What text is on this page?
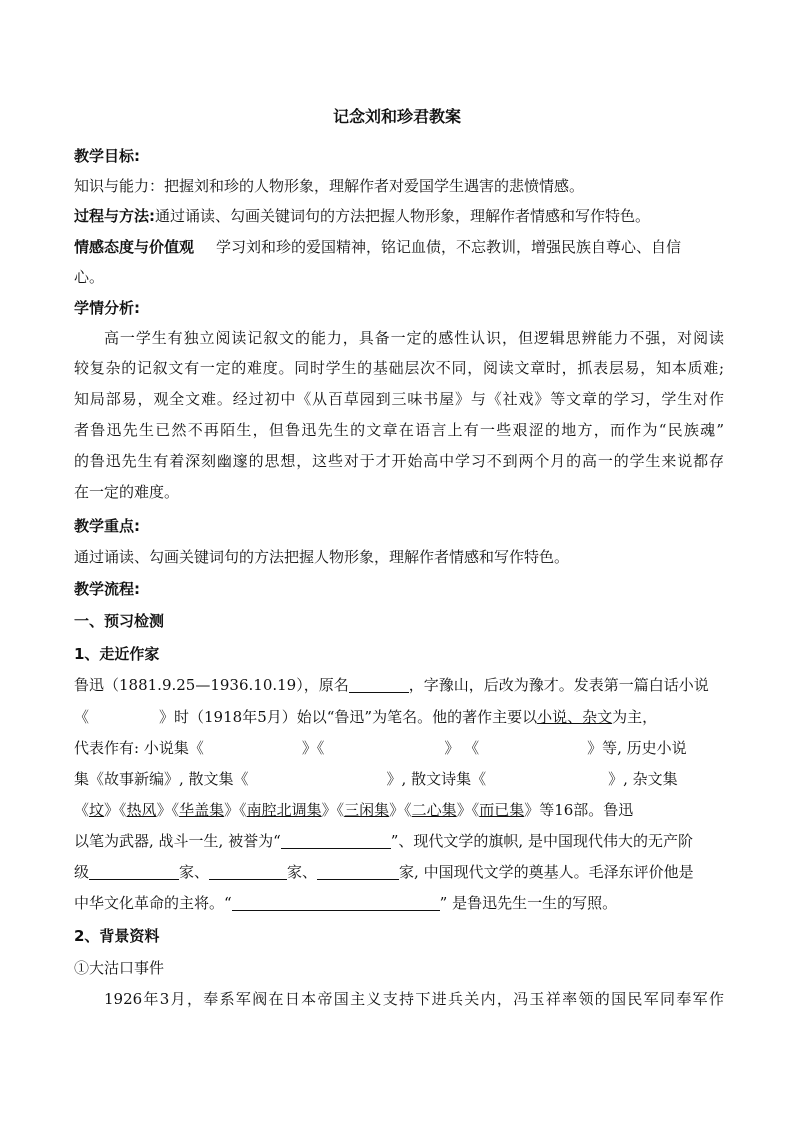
记念刘和珍君教案
教学目标:
知识与能力：把握刘和珍的人物形象，理解作者对爱国学生遇害的悲愤情感。
过程与方法:通过诵读、勾画关键词句的方法把握人物形象，理解作者情感和写作特色。
情感态度与价值观 学习刘和珍的爱国精神，铭记血债，不忘教训，增强民族自尊心、自信
心。
学情分析:
高一学生有独立阅读记叙文的能力，具备一定的感性认识，但逻辑思辨能力不强，对阅读
较复杂的记叙文有一定的难度。同时学生的基础层次不同，阅读文章时，抓表层易，知本质难;
知局部易，观全文难。经过初中《从百草园到三味书屋》与《社戏》等文章的学习，学生对作
者鲁迅先生已然不再陌生，但鲁迅先生的文章在语言上有一些艰涩的地方，而作为“民族魂”
的鲁迅先生有着深刻幽邃的思想，这些对于才开始高中学习不到两个月的高一的学生来说都存
在一定的难度。
教学重点:
通过诵读、勾画关键词句的方法把握人物形象，理解作者情感和写作特色。
教学流程:
一、预习检测
1、走近作家
鲁迅（1881.9.25—1936.10.19），原名	，字豫山，后改为豫才。发表第一篇白话小说
《	》时（1918年5月）始以“鲁迅”为笔名。他的著作主要以小说、杂文为主，
代表作有: 小说集《	》《	》 《	》等, 历史小说
集《故事新编》, 散文集《	》, 散文诗集《	》, 杂文集
《坟》《热风》《华盖集》《南腔北调集》《三闲集》《二心集》《而已集》等16部。鲁迅
以笔为武器, 战斗一生, 被誉为“	”、现代文学的旗帜, 是中国现代伟大的无产阶
级	家、	家、	家, 中国现代文学的奠基人。毛泽东评价他是
中华文化革命的主将。“	” 是鲁迅先生一生的写照。
2、背景资料
①大沽口事件
1926年3月，奉系军阀在日本帝国主义支持下进兵关内，冯玉祥率领的国民军同奉军作
